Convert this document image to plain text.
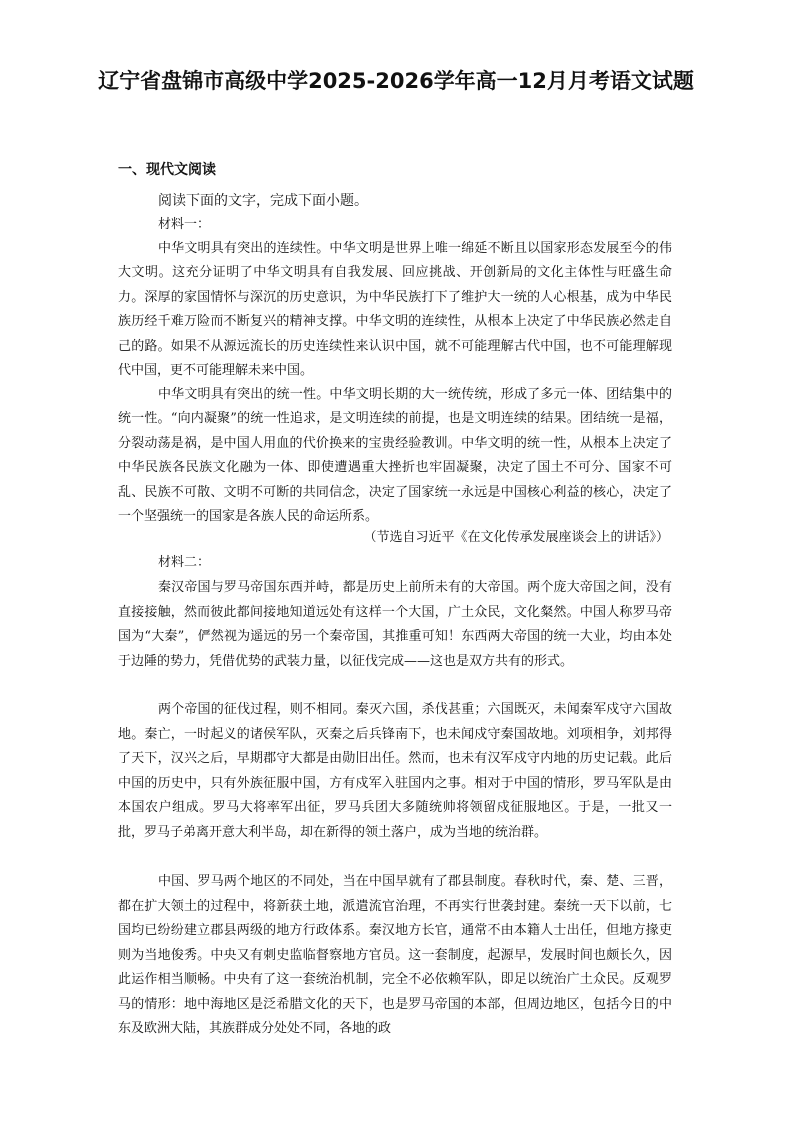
辽宁省盘锦市高级中学2025-2026学年高一12月月考语文试题

一、现代文阅读

阅读下面的文字，完成下面小题。

材料一：

中华文明具有突出的连续性。中华文明是世界上唯一绵延不断且以国家形态发展至今的伟大文明。这充分证明了中华文明具有自我发展、回应挑战、开创新局的文化主体性与旺盛生命力。深厚的家国情怀与深沉的历史意识，为中华民族打下了维护大一统的人心根基，成为中华民族历经千难万险而不断复兴的精神支撑。中华文明的连续性，从根本上决定了中华民族必然走自己的路。如果不从源远流长的历史连续性来认识中国，就不可能理解古代中国，也不可能理解现代中国，更不可能理解未来中国。

中华文明具有突出的统一性。中华文明长期的大一统传统，形成了多元一体、团结集中的统一性。“向内凝聚”的统一性追求，是文明连续的前提，也是文明连续的结果。团结统一是福，分裂动荡是祸，是中国人用血的代价换来的宝贵经验教训。中华文明的统一性，从根本上决定了中华民族各民族文化融为一体、即使遭遇重大挫折也牢固凝聚，决定了国土不可分、国家不可乱、民族不可散、文明不可断的共同信念，决定了国家统一永远是中国核心利益的核心，决定了一个坚强统一的国家是各族人民的命运所系。

（节选自习近平《在文化传承发展座谈会上的讲话》）

材料二：

秦汉帝国与罗马帝国东西并峙，都是历史上前所未有的大帝国。两个庞大帝国之间，没有直接接触，然而彼此都间接地知道远处有这样一个大国，广土众民，文化粲然。中国人称罗马帝国为“大秦”，俨然视为遥远的另一个秦帝国，其推重可知！东西两大帝国的统一大业，均由本处于边陲的势力，凭借优势的武装力量，以征伐完成——这也是双方共有的形式。

两个帝国的征伐过程，则不相同。秦灭六国，杀伐甚重；六国既灭，未闻秦军戍守六国故地。秦亡，一时起义的诸侯军队，灭秦之后兵锋南下，也未闻戍守秦国故地。刘项相争，刘邦得了天下，汉兴之后，早期郡守大都是由勋旧出任。然而，也未有汉军戍守内地的历史记载。此后中国的历史中，只有外族征服中国，方有戍军入驻国内之事。相对于中国的情形，罗马军队是由本国农户组成。罗马大将率军出征，罗马兵团大多随统帅将领留戍征服地区。于是，一批又一批，罗马子弟离开意大利半岛，却在新得的领土落户，成为当地的统治群。

中国、罗马两个地区的不同处，当在中国早就有了郡县制度。春秋时代，秦、楚、三晋，都在扩大领土的过程中，将新获土地，派遣流官治理，不再实行世袭封建。秦统一天下以前，七国均已纷纷建立郡县两级的地方行政体系。秦汉地方长官，通常不由本籍人士出任，但地方掾吏则为当地俊秀。中央又有刺史监临督察地方官员。这一套制度，起源早，发展时间也颇长久，因此运作相当顺畅。中央有了这一套统治机制，完全不必依赖军队，即足以统治广土众民。反观罗马的情形：地中海地区是泛希腊文化的天下，也是罗马帝国的本部，但周边地区，包括今日的中东及欧洲大陆，其族群成分处处不同，各地的政
